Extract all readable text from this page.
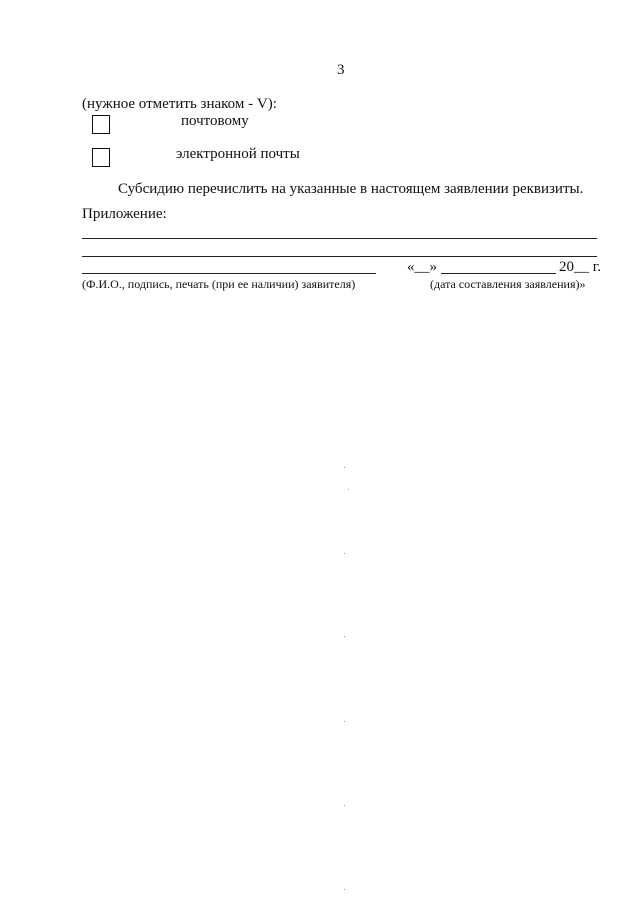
3
(нужное отметить знаком - V):
почтовому
электронной почты
Субсидию перечислить на указанные в настоящем заявлении реквизиты.
Приложение:
(Ф.И.О., подпись, печать (при ее наличии) заявителя)
«__»	20__ г.
(дата составления заявления)»
